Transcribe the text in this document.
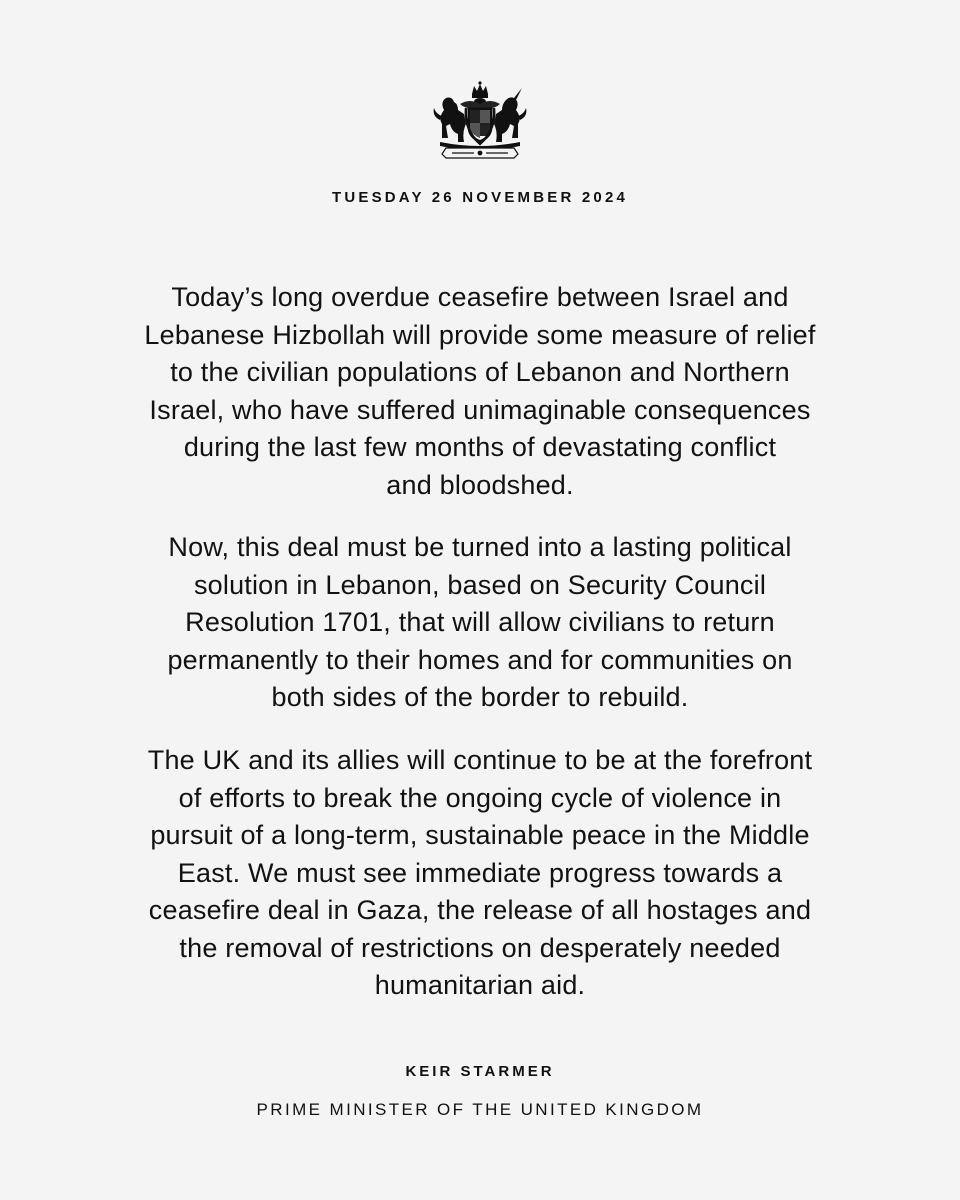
TUESDAY 26 NOVEMBER 2024
Today’s long overdue ceasefire between Israel and
Lebanese Hizbollah will provide some measure of relief
to the civilian populations of Lebanon and Northern
Israel, who have suffered unimaginable consequences
during the last few months of devastating conflict
and bloodshed.
Now, this deal must be turned into a lasting political
solution in Lebanon, based on Security Council
Resolution 1701, that will allow civilians to return
permanently to their homes and for communities on
both sides of the border to rebuild.
The UK and its allies will continue to be at the forefront
of efforts to break the ongoing cycle of violence in
pursuit of a long-term, sustainable peace in the Middle
East. We must see immediate progress towards a
ceasefire deal in Gaza, the release of all hostages and
the removal of restrictions on desperately needed
humanitarian aid.
KEIR STARMER
PRIME MINISTER OF THE UNITED KINGDOM
